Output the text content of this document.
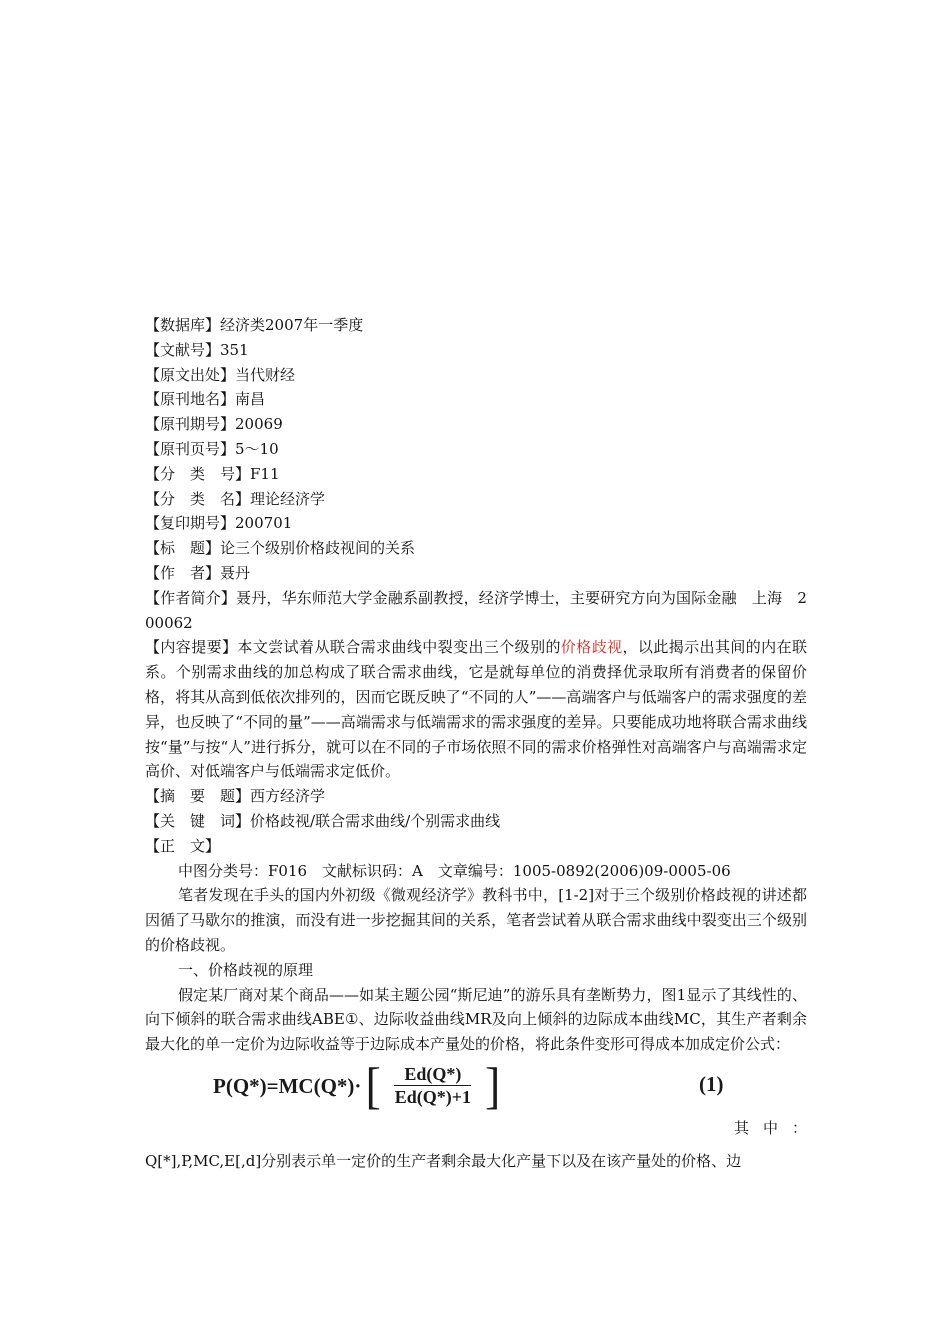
【数据库】经济类2007年一季度
【文献号】351
【原文出处】当代财经
【原刊地名】南昌
【原刊期号】20069
【原刊页号】5～10
【分　类　号】F11
【分　类　名】理论经济学
【复印期号】200701
【标　题】论三个级别价格歧视间的关系
【作　者】聂丹
【作者简介】聂丹，华东师范大学金融系副教授，经济学博士，主要研究方向为国际金融　上海　200062
【内容提要】本文尝试着从联合需求曲线中裂变出三个级别的价格歧视，以此揭示出其间的内在联系。个别需求曲线的加总构成了联合需求曲线，它是就每单位的消费择优录取所有消费者的保留价格，将其从高到低依次排列的，因而它既反映了“不同的人”——高端客户与低端客户的需求强度的差异，也反映了“不同的量”——高端需求与低端需求的需求强度的差异。只要能成功地将联合需求曲线按“量”与按“人”进行拆分，就可以在不同的子市场依照不同的需求价格弹性对高端客户与高端需求定高价、对低端客户与低端需求定低价。
【摘　要　题】西方经济学
【关　键　词】价格歧视/联合需求曲线/个别需求曲线
【正　文】
中图分类号：F016　文献标识码：A　文章编号：1005-0892(2006)09-0005-06
笔者发现在手头的国内外初级《微观经济学》教科书中，[1-2]对于三个级别价格歧视的讲述都因循了马歇尔的推演，而没有进一步挖掘其间的关系，笔者尝试着从联合需求曲线中裂变出三个级别的价格歧视。
一、价格歧视的原理
假定某厂商对某个商品——如某主题公园“斯尼迪”的游乐具有垄断势力，图1显示了其线性的、向下倾斜的联合需求曲线ABE①、边际收益曲线MR及向上倾斜的边际成本曲线MC，其生产者剩余最大化的单一定价为边际收益等于边际成本产量处的价格，将此条件变形可得成本加成定价公式：
P(Q*)=MC(Q*)· [ $\frac{Ed(Q*)}{Ed(Q*)+1}$ ]	(1)
其中：
Q[*],P,MC,E[,d]分别表示单一定价的生产者剩余最大化产量下以及在该产量处的价格、边
